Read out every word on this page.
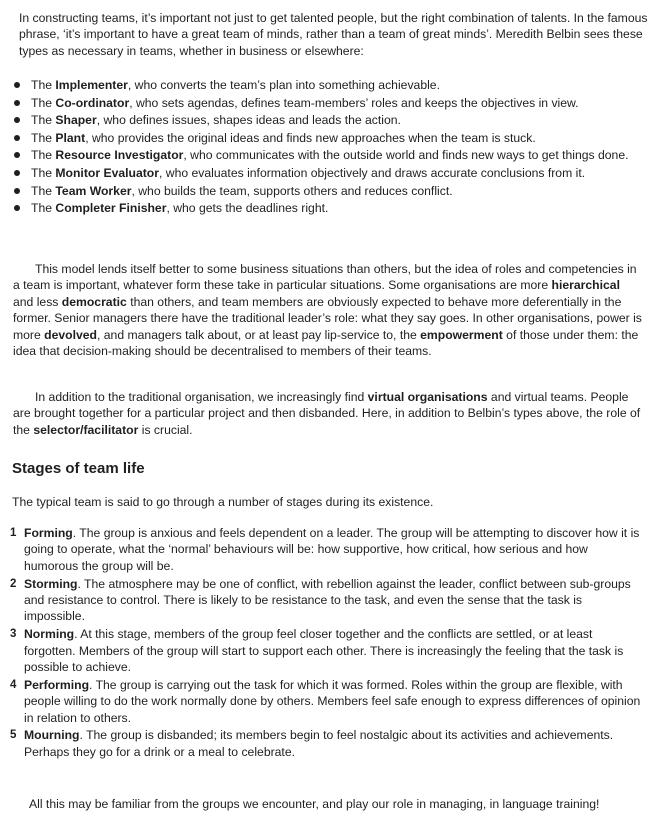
In constructing teams, it’s important not just to get talented people, but the right combination of talents. In the famous phrase, ‘it’s important to have a great team of minds, rather than a team of great minds’. Meredith Belbin sees these types as necessary in teams, whether in business or elsewhere:

The Implementer, who converts the team’s plan into something achievable.
The Co-ordinator, who sets agendas, defines team-members’ roles and keeps the objectives in view.
The Shaper, who defines issues, shapes ideas and leads the action.
The Plant, who provides the original ideas and finds new approaches when the team is stuck.
The Resource Investigator, who communicates with the outside world and finds new ways to get things done.
The Monitor Evaluator, who evaluates information objectively and draws accurate conclusions from it.
The Team Worker, who builds the team, supports others and reduces conflict.
The Completer Finisher, who gets the deadlines right.

This model lends itself better to some business situations than others, but the idea of roles and competencies in a team is important, whatever form these take in particular situations. Some organisations are more hierarchical and less democratic than others, and team members are obviously expected to behave more deferentially in the former. Senior managers there have the traditional leader’s role: what they say goes. In other organisations, power is more devolved, and managers talk about, or at least pay lip-service to, the empowerment of those under them: the idea that decision-making should be decentralised to members of their teams.

In addition to the traditional organisation, we increasingly find virtual organisations and virtual teams. People are brought together for a particular project and then disbanded. Here, in addition to Belbin’s types above, the role of the selector/facilitator is crucial.

Stages of team life

The typical team is said to go through a number of stages during its existence.

1 Forming. The group is anxious and feels dependent on a leader. The group will be attempting to discover how it is going to operate, what the ‘normal’ behaviours will be: how supportive, how critical, how serious and how humorous the group will be.
2 Storming. The atmosphere may be one of conflict, with rebellion against the leader, conflict between sub-groups and resistance to control. There is likely to be resistance to the task, and even the sense that the task is impossible.
3 Norming. At this stage, members of the group feel closer together and the conflicts are settled, or at least forgotten. Members of the group will start to support each other. There is increasingly the feeling that the task is possible to achieve.
4 Performing. The group is carrying out the task for which it was formed. Roles within the group are flexible, with people willing to do the work normally done by others. Members feel safe enough to express differences of opinion in relation to others.
5 Mourning. The group is disbanded; its members begin to feel nostalgic about its activities and achievements. Perhaps they go for a drink or a meal to celebrate.

All this may be familiar from the groups we encounter, and play our role in managing, in language training!
